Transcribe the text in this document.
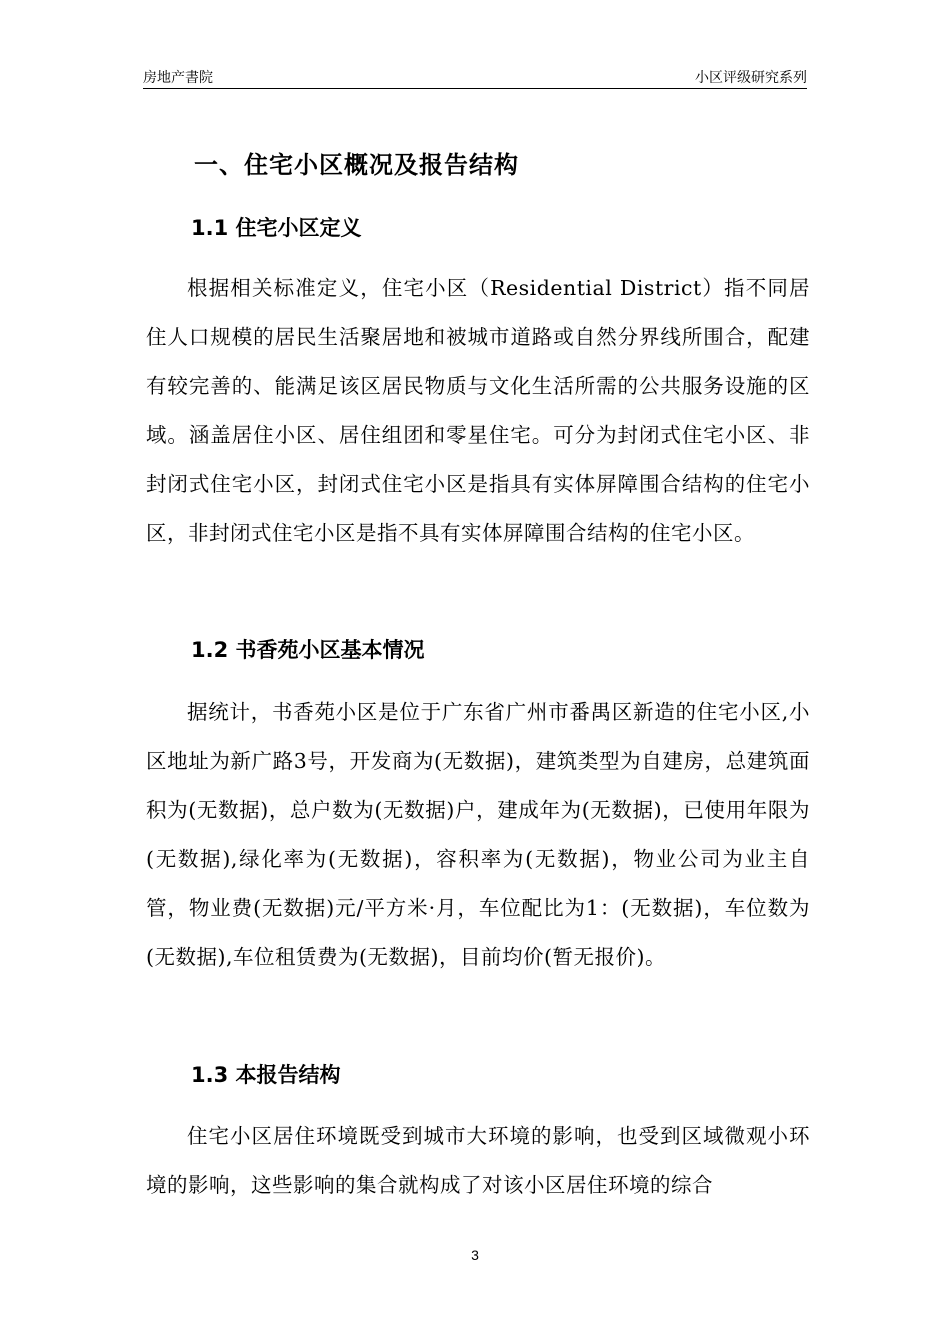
房地产書院	小区评级研究系列
一、住宅小区概况及报告结构
1.1 住宅小区定义

根据相关标准定义，住宅小区（Residential District）指不同居住人口规模的居民生活聚居地和被城市道路或自然分界线所围合，配建有较完善的、能满足该区居民物质与文化生活所需的公共服务设施的区域。涵盖居住小区、居住组团和零星住宅。可分为封闭式住宅小区、非封闭式住宅小区，封闭式住宅小区是指具有实体屏障围合结构的住宅小区，非封闭式住宅小区是指不具有实体屏障围合结构的住宅小区。

1.2 书香苑小区基本情况

据统计，书香苑小区是位于广东省广州市番禺区新造的住宅小区,小区地址为新广路3号，开发商为(无数据)，建筑类型为自建房，总建筑面积为(无数据)，总户数为(无数据)户，建成年为(无数据)，已使用年限为(无数据),绿化率为(无数据)，容积率为(无数据)，物业公司为业主自管，物业费(无数据)元/平方米·月，车位配比为1：(无数据)，车位数为(无数据),车位租赁费为(无数据)，目前均价(暂无报价)。

1.3 本报告结构

住宅小区居住环境既受到城市大环境的影响，也受到区域微观小环境的影响，这些影响的集合就构成了对该小区居住环境的综合

3
